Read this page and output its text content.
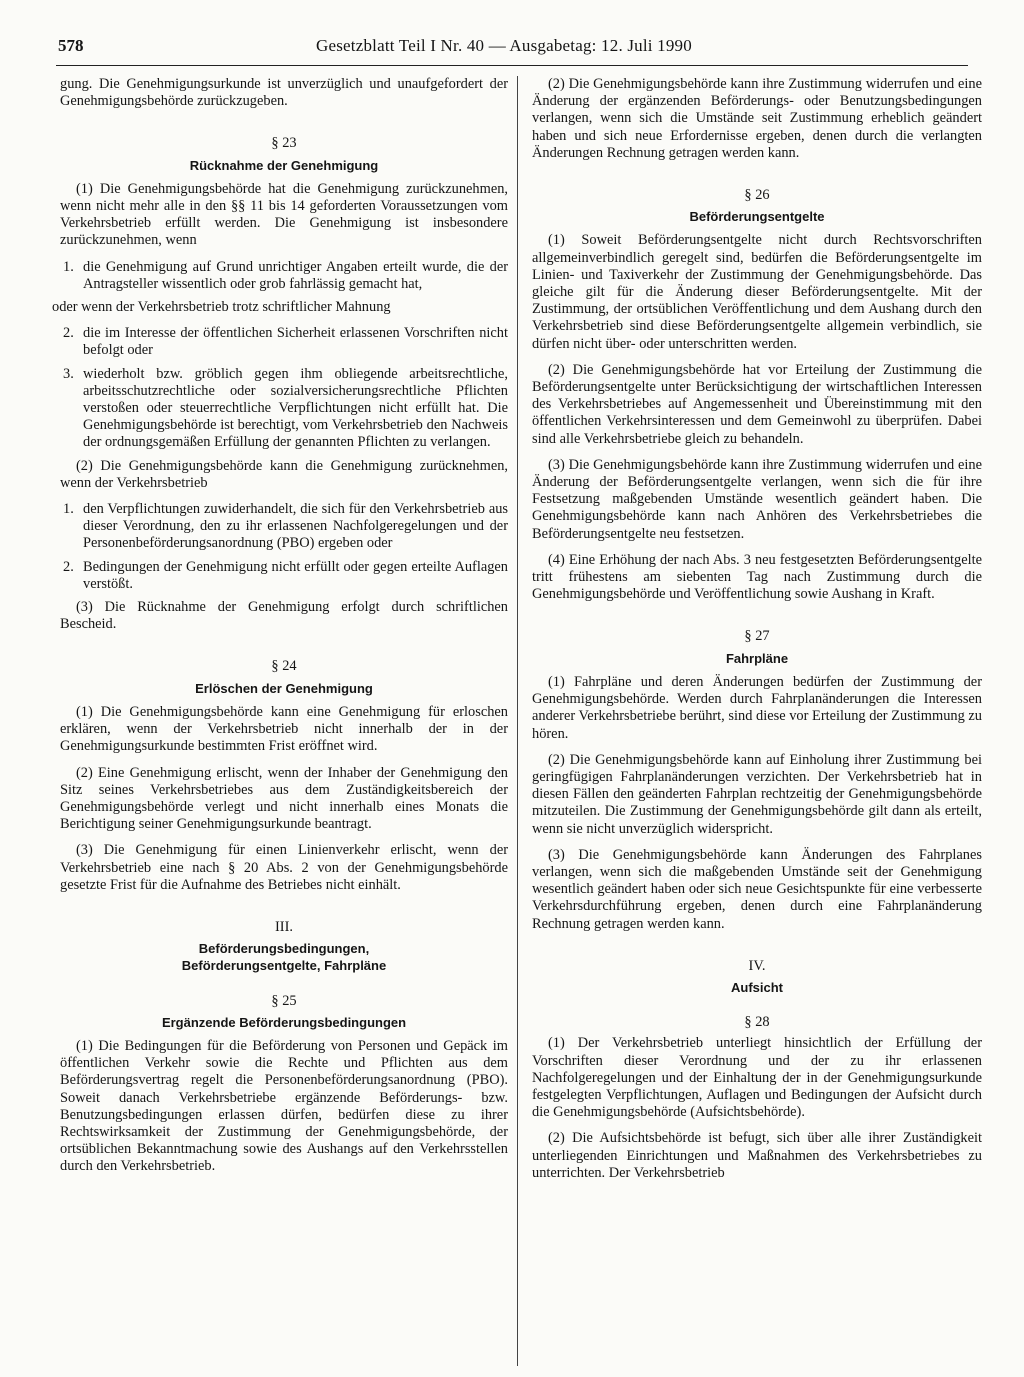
578	Gesetzblatt Teil I Nr. 40 — Ausgabetag: 12. Juli 1990

gung. Die Genehmigungsurkunde ist unverzüglich und unaufgefordert der Genehmigungsbehörde zurückzugeben.

§ 23
Rücknahme der Genehmigung

(1) Die Genehmigungsbehörde hat die Genehmigung zurückzunehmen, wenn nicht mehr alle in den §§ 11 bis 14 geforderten Voraussetzungen vom Verkehrsbetrieb erfüllt werden. Die Genehmigung ist insbesondere zurückzunehmen, wenn

1. die Genehmigung auf Grund unrichtiger Angaben erteilt wurde, die der Antragsteller wissentlich oder grob fahrlässig gemacht hat,

oder wenn der Verkehrsbetrieb trotz schriftlicher Mahnung

2. die im Interesse der öffentlichen Sicherheit erlassenen Vorschriften nicht befolgt oder
3. wiederholt bzw. gröblich gegen ihm obliegende arbeitsrechtliche, arbeitsschutzrechtliche oder sozialversicherungsrechtliche Pflichten verstoßen oder steuerrechtliche Verpflichtungen nicht erfüllt hat. Die Genehmigungsbehörde ist berechtigt, vom Verkehrsbetrieb den Nachweis der ordnungsgemäßen Erfüllung der genannten Pflichten zu verlangen.

(2) Die Genehmigungsbehörde kann die Genehmigung zurücknehmen, wenn der Verkehrsbetrieb

1. den Verpflichtungen zuwiderhandelt, die sich für den Verkehrsbetrieb aus dieser Verordnung, den zu ihr erlassenen Nachfolgeregelungen und der Personenbeförderungsanordnung (PBO) ergeben oder
2. Bedingungen der Genehmigung nicht erfüllt oder gegen erteilte Auflagen verstößt.

(3) Die Rücknahme der Genehmigung erfolgt durch schriftlichen Bescheid.

§ 24
Erlöschen der Genehmigung

(1) Die Genehmigungsbehörde kann eine Genehmigung für erloschen erklären, wenn der Verkehrsbetrieb nicht innerhalb der in der Genehmigungsurkunde bestimmten Frist eröffnet wird.

(2) Eine Genehmigung erlischt, wenn der Inhaber der Genehmigung den Sitz seines Verkehrsbetriebes aus dem Zuständigkeitsbereich der Genehmigungsbehörde verlegt und nicht innerhalb eines Monats die Berichtigung seiner Genehmigungsurkunde beantragt.

(3) Die Genehmigung für einen Linienverkehr erlischt, wenn der Verkehrsbetrieb eine nach § 20 Abs. 2 von der Genehmigungsbehörde gesetzte Frist für die Aufnahme des Betriebes nicht einhält.

III.
Beförderungsbedingungen,
Beförderungsentgelte, Fahrpläne
§ 25
Ergänzende Beförderungsbedingungen

(1) Die Bedingungen für die Beförderung von Personen und Gepäck im öffentlichen Verkehr sowie die Rechte und Pflichten aus dem Beförderungsvertrag regelt die Personenbeförderungsanordnung (PBO). Soweit danach Verkehrsbetriebe ergänzende Beförderungs- bzw. Benutzungsbedingungen erlassen dürfen, bedürfen diese zu ihrer Rechtswirksamkeit der Zustimmung der Genehmigungsbehörde, der ortsüblichen Bekanntmachung sowie des Aushangs auf den Verkehrsstellen durch den Verkehrsbetrieb.

(2) Die Genehmigungsbehörde kann ihre Zustimmung widerrufen und eine Änderung der ergänzenden Beförderungs- oder Benutzungsbedingungen verlangen, wenn sich die Umstände seit Zustimmung erheblich geändert haben und sich neue Erfordernisse ergeben, denen durch die verlangten Änderungen Rechnung getragen werden kann.

§ 26
Beförderungsentgelte

(1) Soweit Beförderungsentgelte nicht durch Rechtsvorschriften allgemeinverbindlich geregelt sind, bedürfen die Beförderungsentgelte im Linien- und Taxiverkehr der Zustimmung der Genehmigungsbehörde. Das gleiche gilt für die Änderung dieser Beförderungsentgelte. Mit der Zustimmung, der ortsüblichen Veröffentlichung und dem Aushang durch den Verkehrsbetrieb sind diese Beförderungsentgelte allgemein verbindlich, sie dürfen nicht über- oder unterschritten werden.

(2) Die Genehmigungsbehörde hat vor Erteilung der Zustimmung die Beförderungsentgelte unter Berücksichtigung der wirtschaftlichen Interessen des Verkehrsbetriebes auf Angemessenheit und Übereinstimmung mit den öffentlichen Verkehrsinteressen und dem Gemeinwohl zu überprüfen. Dabei sind alle Verkehrsbetriebe gleich zu behandeln.

(3) Die Genehmigungsbehörde kann ihre Zustimmung widerrufen und eine Änderung der Beförderungsentgelte verlangen, wenn sich die für ihre Festsetzung maßgebenden Umstände wesentlich geändert haben. Die Genehmigungsbehörde kann nach Anhören des Verkehrsbetriebes die Beförderungsentgelte neu festsetzen.

(4) Eine Erhöhung der nach Abs. 3 neu festgesetzten Beförderungsentgelte tritt frühestens am siebenten Tag nach Zustimmung durch die Genehmigungsbehörde und Veröffentlichung sowie Aushang in Kraft.

§ 27
Fahrpläne

(1) Fahrpläne und deren Änderungen bedürfen der Zustimmung der Genehmigungsbehörde. Werden durch Fahrplanänderungen die Interessen anderer Verkehrsbetriebe berührt, sind diese vor Erteilung der Zustimmung zu hören.

(2) Die Genehmigungsbehörde kann auf Einholung ihrer Zustimmung bei geringfügigen Fahrplanänderungen verzichten. Der Verkehrsbetrieb hat in diesen Fällen den geänderten Fahrplan rechtzeitig der Genehmigungsbehörde mitzuteilen. Die Zustimmung der Genehmigungsbehörde gilt dann als erteilt, wenn sie nicht unverzüglich widerspricht.

(3) Die Genehmigungsbehörde kann Änderungen des Fahrplanes verlangen, wenn sich die maßgebenden Umstände seit der Genehmigung wesentlich geändert haben oder sich neue Gesichtspunkte für eine verbesserte Verkehrsdurchführung ergeben, denen durch eine Fahrplanänderung Rechnung getragen werden kann.

IV.
Aufsicht
§ 28

(1) Der Verkehrsbetrieb unterliegt hinsichtlich der Erfüllung der Vorschriften dieser Verordnung und der zu ihr erlassenen Nachfolgeregelungen und der Einhaltung der in der Genehmigungsurkunde festgelegten Verpflichtungen, Auflagen und Bedingungen der Aufsicht durch die Genehmigungsbehörde (Aufsichtsbehörde).

(2) Die Aufsichtsbehörde ist befugt, sich über alle ihrer Zuständigkeit unterliegenden Einrichtungen und Maßnahmen des Verkehrsbetriebes zu unterrichten. Der Verkehrsbetrieb
